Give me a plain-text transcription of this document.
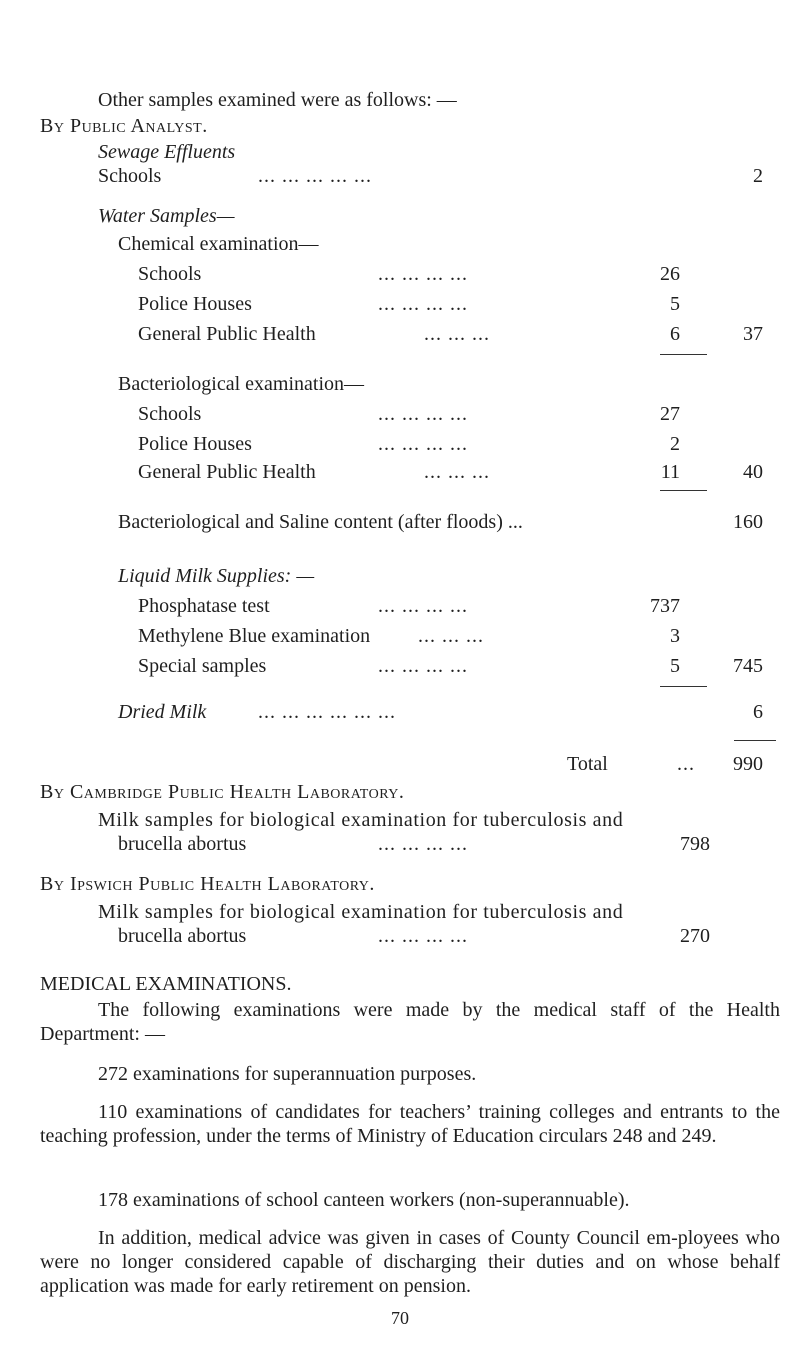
Other samples examined were as follows: —
By Public Analyst.
Sewage Effluents
Schools	... ... ... ... ...	2
Water Samples—
Chemical examination—
Schools	... ... ... ...	26
Police Houses	... ... ... ...	5
General Public Health	... ... ...	6	37
Bacteriological examination—
Schools	... ... ... ...	27
Police Houses	... ... ... ...	2
General Public Health	... ... ...	11	40
Bacteriological and Saline content (after floods) ...	160
Liquid Milk Supplies: —
Phosphatase test	... ... ... ...	737
Methylene Blue examination ... ... ...	3
Special samples	... ... ... ...	5	745
Dried Milk	... ... ... ... ... ...	6
Total	...	990
By Cambridge Public Health Laboratory.
Milk samples for biological examination for tuberculosis and
brucella abortus	... ... ... ...	798
By Ipswich Public Health Laboratory.
Milk samples for biological examination for tuberculosis and
brucella abortus	... ... ... ...	270
MEDICAL EXAMINATIONS.
The following examinations were made by the medical staff of the Health Department: —
272 examinations for superannuation purposes.
110 examinations of candidates for teachers’ training colleges and entrants to the teaching profession, under the terms of Ministry of Education circulars 248 and 249.
178 examinations of school canteen workers (non-superannuable).
In addition, medical advice was given in cases of County Council em-ployees who were no longer considered capable of discharging their duties and on whose behalf application was made for early retirement on pension.
70
